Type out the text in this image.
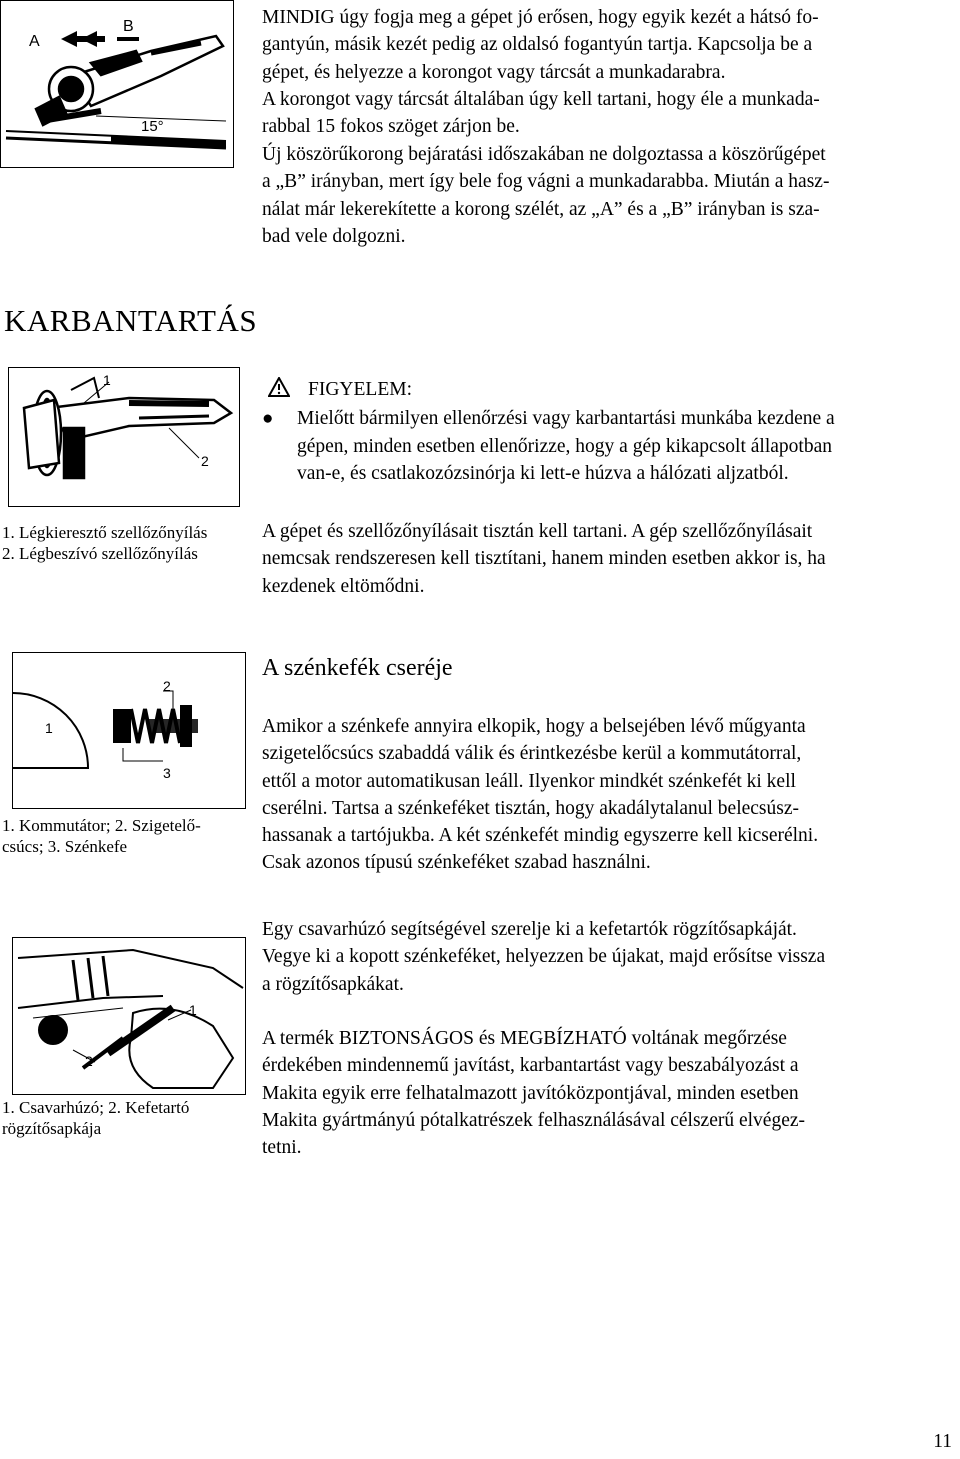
A
B
15°

MINDIG úgy fogja meg a gépet jó erősen, hogy egyik kezét a hátsó fo-

gantyún, másik kezét pedig az oldalsó fogantyún tartja. Kapcsolja be a

gépet, és helyezze a korongot vagy tárcsát a munkadarabra.

A korongot vagy tárcsát általában úgy kell tartani, hogy éle a munkada-

rabbal 15 fokos szöget zárjon be.

Új köszörűkorong bejáratási időszakában ne dolgoztassa a köszörűgépet

a „B” irányban, mert így bele fog vágni a munkadarabba. Miután a hasz-

nálat már lekerekítette a korong szélét, az „A” és a „B” irányban is sza-

bad vele dolgozni.

KARBANTARTÁS
1
2
1. Légkieresztő szellőzőnyílás
2. Légbeszívó szellőzőnyílás
FIGYELEM:
●	Mielőtt bármilyen ellenőrzési vagy karbantartási munkába kezdene a
gépen, minden esetben ellenőrizze, hogy a gép kikapcsolt állapotban
van-e, és csatlakozózsinórja ki lett-e húzva a hálózati aljzatból.

A gépet és szellőzőnyílásait tisztán kell tartani. A gép szellőzőnyílásait

nemcsak rendszeresen kell tisztítani, hanem minden esetben akkor is, ha

kezdenek eltömődni.

2
1
3
1. Kommutátor; 2. Szigetelő-
csúcs; 3. Szénkefe
A szénkefék cseréje

Amikor a szénkefe annyira elkopik, hogy a belsejében lévő műgyanta

szigetelőcsúcs szabaddá válik és érintkezésbe kerül a kommutátorral,

ettől a motor automatikusan leáll. Ilyenkor mindkét szénkefét ki kell

cserélni. Tartsa a szénkeféket tisztán, hogy akadálytalanul belecsúsz-

hassanak a tartójukba. A két szénkefét mindig egyszerre kell kicserélni.

Csak azonos típusú szénkeféket szabad használni.

1
2
1. Csavarhúzó; 2. Kefetartó
rögzítősapkája

Egy csavarhúzó segítségével szerelje ki a kefetartók rögzítősapkáját.

Vegye ki a kopott szénkeféket, helyezzen be újakat, majd erősítse vissza

a rögzítősapkákat.

A termék BIZTONSÁGOS és MEGBÍZHATÓ voltának megőrzése

érdekében mindennemű javítást, karbantartást vagy beszabályozást a

Makita egyik erre felhatalmazott javítóközpontjával, minden esetben

Makita gyártmányú pótalkatrészek felhasználásával célszerű elvégez-

tetni.

11
